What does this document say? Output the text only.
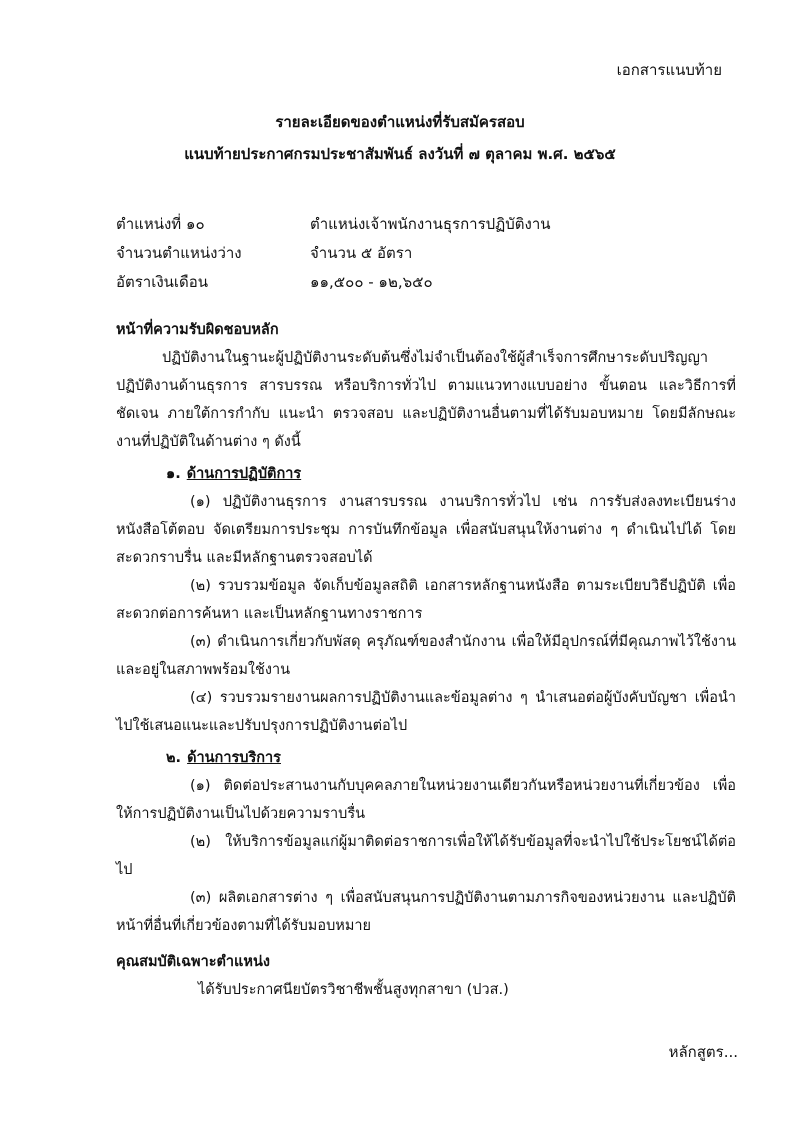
เอกสารแนบท้าย
รายละเอียดของตำแหน่งที่รับสมัครสอบ
แนบท้ายประกาศกรมประชาสัมพันธ์ ลงวันที่ ๗ ตุลาคม พ.ศ. ๒๕๖๕
ตำแหน่งที่ ๑๐	ตำแหน่งเจ้าพนักงานธุรการปฏิบัติงาน
จำนวนตำแหน่งว่าง	จำนวน ๕ อัตรา
อัตราเงินเดือน	๑๑,๕๐๐ - ๑๒,๖๕๐
หน้าที่ความรับผิดชอบหลัก
ปฏิบัติงานในฐานะผู้ปฏิบัติงานระดับต้นซึ่งไม่จำเป็นต้องใช้ผู้สำเร็จการศึกษาระดับปริญญา ปฏิบัติงานด้านธุรการ สารบรรณ หรือบริการทั่วไป ตามแนวทางแบบอย่าง ขั้นตอน และวิธีการที่ชัดเจน ภายใต้การกำกับ แนะนำ ตรวจสอบ และปฏิบัติงานอื่นตามที่ได้รับมอบหมาย โดยมีลักษณะงานที่ปฏิบัติในด้านต่าง ๆ ดังนี้
๑. ด้านการปฏิบัติการ
(๑) ปฏิบัติงานธุรการ งานสารบรรณ งานบริการทั่วไป เช่น การรับส่งลงทะเบียนร่างหนังสือโต้ตอบ จัดเตรียมการประชุม การบันทึกข้อมูล เพื่อสนับสนุนให้งานต่าง ๆ ดำเนินไปได้ โดยสะดวกราบรื่น และมีหลักฐานตรวจสอบได้
(๒) รวบรวมข้อมูล จัดเก็บข้อมูลสถิติ เอกสารหลักฐานหนังสือ ตามระเบียบวิธีปฏิบัติ เพื่อสะดวกต่อการค้นหา และเป็นหลักฐานทางราชการ
(๓) ดำเนินการเกี่ยวกับพัสดุ ครุภัณฑ์ของสำนักงาน เพื่อให้มีอุปกรณ์ที่มีคุณภาพไว้ใช้งาน และอยู่ในสภาพพร้อมใช้งาน
(๔) รวบรวมรายงานผลการปฏิบัติงานและข้อมูลต่าง ๆ นำเสนอต่อผู้บังคับบัญชา เพื่อนำไปใช้เสนอแนะและปรับปรุงการปฏิบัติงานต่อไป
๒. ด้านการบริการ
(๑) ติดต่อประสานงานกับบุคคลภายในหน่วยงานเดียวกันหรือหน่วยงานที่เกี่ยวข้อง เพื่อให้การปฏิบัติงานเป็นไปด้วยความราบรื่น
(๒) ให้บริการข้อมูลแก่ผู้มาติดต่อราชการเพื่อให้ได้รับข้อมูลที่จะนำไปใช้ประโยชน์ได้ต่อไป
(๓) ผลิตเอกสารต่าง ๆ เพื่อสนับสนุนการปฏิบัติงานตามภารกิจของหน่วยงาน และปฏิบัติหน้าที่อื่นที่เกี่ยวข้องตามที่ได้รับมอบหมาย
คุณสมบัติเฉพาะตำแหน่ง
ได้รับประกาศนียบัตรวิชาชีพชั้นสูงทุกสาขา (ปวส.)
หลักสูตร...
